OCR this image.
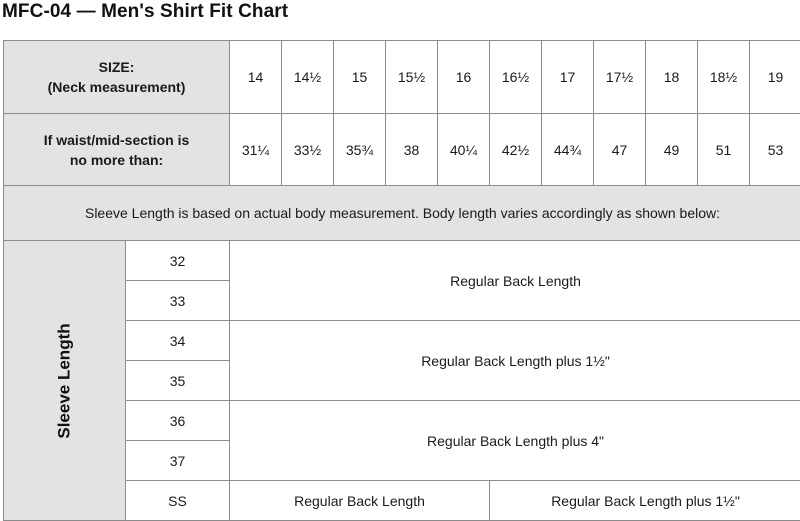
MFC-04 — Men's Shirt Fit Chart
SIZE:
(Neck measurement)		14	14½	15	15½	16	16½	17	17½	18	18½	19

If waist/mid-section is
no more than:		31¼	33½	35¾	38	40¼	42½	44¾	47	49	51	53
Sleeve Length is based on actual body measurement. Body length varies accordingly as shown below:												
Sleeve Length	32	Regular Back Length										
	33											
	34	Regular Back Length plus 1½"										
	35											
	36	Regular Back Length plus 4"										
	37											
	SS	Regular Back Length					Regular Back Length plus 1½"					
